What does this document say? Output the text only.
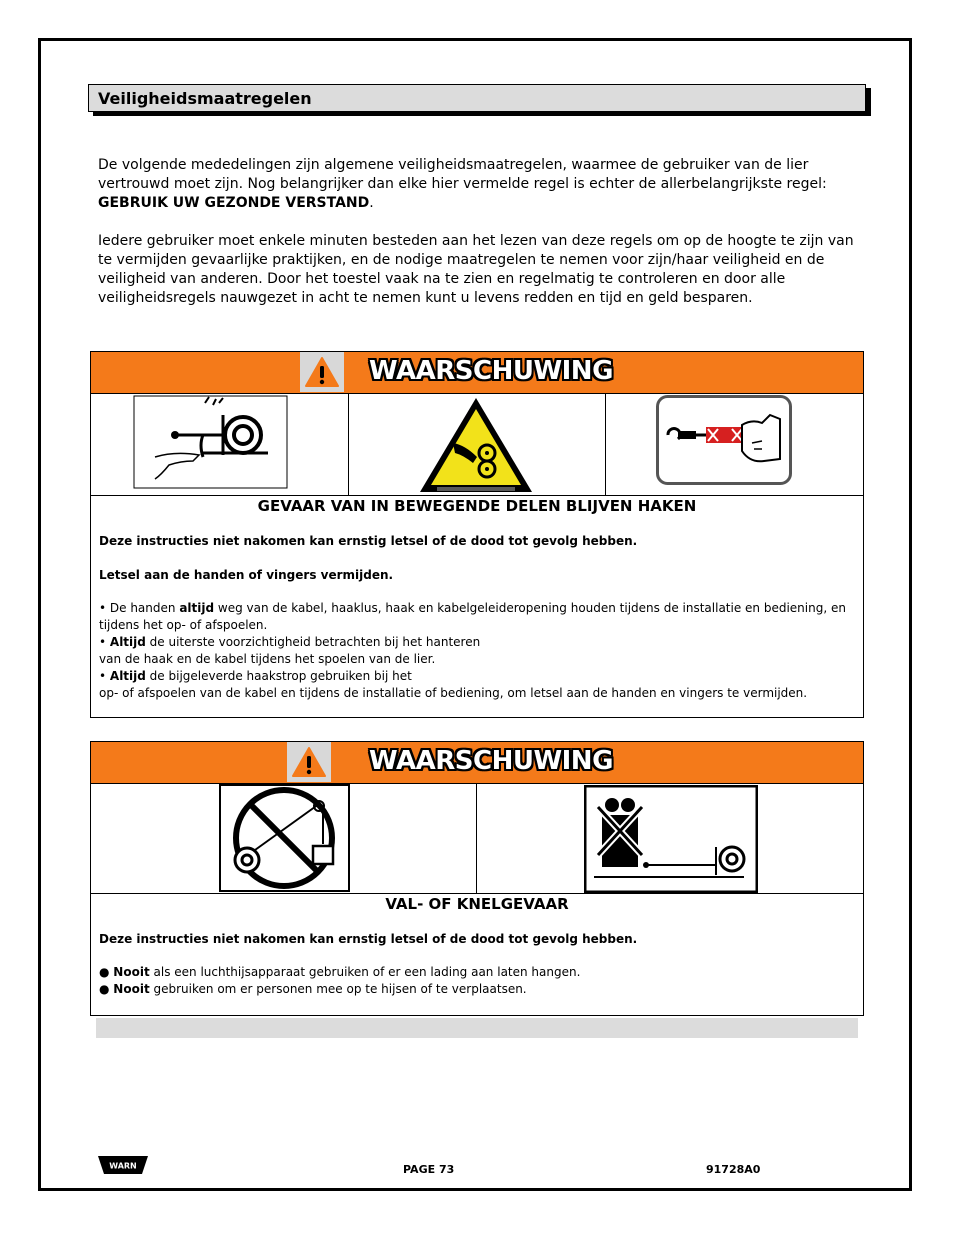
Veiligheidsmaatregelen

De volgende mededelingen zijn algemene veiligheidsmaatregelen, waarmee de gebruiker van de lier vertrouwd moet zijn. Nog belangrijker dan elke hier vermelde regel is echter de allerbelangrijkste regel: GEBRUIK UW GEZONDE VERSTAND.

Iedere gebruiker moet enkele minuten besteden aan het lezen van deze regels om op de hoogte te zijn van te vermijden gevaarlijke praktijken, en de nodige maatregelen te nemen voor zijn/haar veiligheid en de veiligheid van anderen. Door het toestel vaak na te zien en regelmatig te controleren en door alle veiligheidsregels nauwgezet in acht te nemen kunt u levens redden en tijd en geld besparen.

WAARSCHUWING
GEVAAR VAN IN BEWEGENDE DELEN BLIJVEN HAKEN
Deze instructies niet nakomen kan ernstig letsel of de dood tot gevolg hebben.
Letsel aan de handen of vingers vermijden.
• De handen altijd weg van de kabel, haaklus, haak en kabelgeleideropening houden tijdens de installatie en bediening, en tijdens het op- of afspoelen.
• Altijd de uiterste voorzichtigheid betrachten bij het hanteren
van de haak en de kabel tijdens het spoelen van de lier.
• Altijd de bijgeleverde haakstrop gebruiken bij het
op- of afspoelen van de kabel en tijdens de installatie of bediening, om letsel aan de handen en vingers te vermijden.
WAARSCHUWING
VAL- OF KNELGEVAAR
Deze instructies niet nakomen kan ernstig letsel of de dood tot gevolg hebben.
● Nooit als een luchthijsapparaat gebruiken of er een lading aan laten hangen.
● Nooit gebruiken om er personen mee op te hijsen of te verplaatsen.
WARN	PAGE 73	91728A0
